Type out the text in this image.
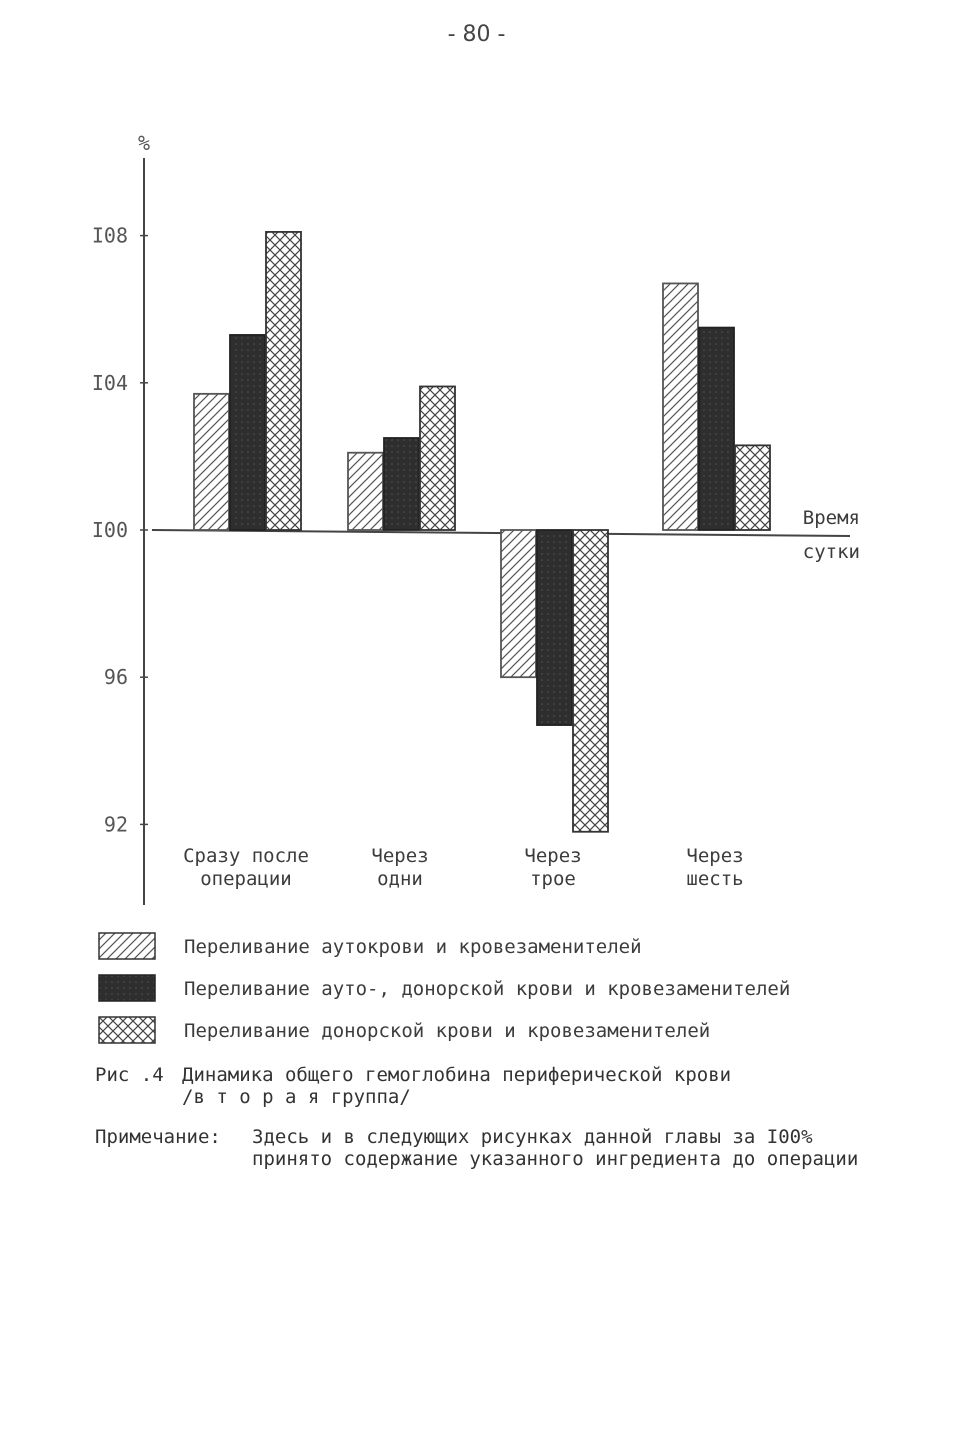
- 80 -
%
I08
I04
I00
96
92
Время
сутки
Сразу после
операции
Через
одни
Через
трое
Через
шесть
Переливание аутокрови и кровезаменителей
Переливание ауто-, донорской крови и кровезаменителей
Переливание донорской крови и кровезаменителей
Рис .4 Динамика общего гемоглобина периферической крови
/в т о р а я группа/
Примечание: Здесь и в следующих рисунках данной главы за I00% принято содержание указанного ингредиента до операции
